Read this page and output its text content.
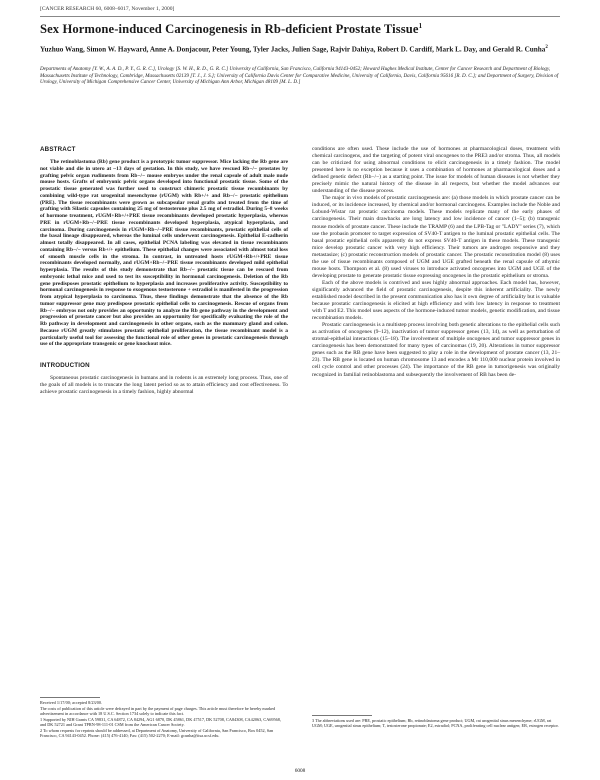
[CANCER RESEARCH 60, 6008–6017, November 1, 2000]
Sex Hormone-induced Carcinogenesis in Rb-deficient Prostate Tissue$^1$
Yuzhuo Wang, Simon W. Hayward, Anne A. Donjacour, Peter Young, Tyler Jacks, Julien Sage, Rajvir Dahiya, Robert D. Cardiff, Mark L. Day, and Gerald R. Cunha$^2$
Departments of Anatomy [Y. W., A. A. D., P. Y., G. R. C.], Urology [S. W. H., R. D., G. R. C.] University of California, San Francisco, California 94143-0452; Howard Hughes Medical Institute, Center for Cancer Research and Department of Biology, Massachusetts Institute of Technology, Cambridge, Massachusetts 02139 [T. J., J. S.]; University of California Davis Center for Comparative Medicine, University of California, Davis, California 95616 [R. D. C.]; and Department of Surgery, Division of Urology, University of Michigan Comprehensive Cancer Center, University of Michigan Ann Arbor, Michigan 48109 [M. L. D.]
ABSTRACT

The retinoblastoma (Rb) gene product is a prototypic tumor suppressor. Mice lacking the Rb gene are not viable and die in utero at ~13 days of gestation. In this study, we have rescued Rb−/− prostates by grafting pelvic organ rudiments from Rb−/− mouse embryos under the renal capsule of adult male nude mouse hosts. Grafts of embryonic pelvic organs developed into functional prostatic tissue. Some of the prostatic tissue generated was further used to construct chimeric prostatic tissue recombinants by combining wild-type rat urogenital mesenchyme (rUGM) with Rb+/+ and Rb−/− prostatic epithelium (PRE). The tissue recombinants were grown as subcapsular renal grafts and treated from the time of grafting with Silastic capsules containing 25 mg of testosterone plus 2.5 mg of estradiol. During 5–8 weeks of hormone treatment, rUGM+Rb+/+PRE tissue recombinants developed prostatic hyperplasia, whereas PRE in rUGM+Rb−/−PRE tissue recombinants developed hyperplasia, atypical hyperplasia, and carcinoma. During carcinogenesis in rUGM+Rb−/−PRE tissue recombinants, prostatic epithelial cells of the basal lineage disappeared, whereas the luminal cells underwent carcinogenesis. Epithelial E-cadherin almost totally disappeared. In all cases, epithelial PCNA labeling was elevated in tissue recombinants containing Rb−/− versus Rb+/+ epithelium. These epithelial changes were associated with almost total loss of smooth muscle cells in the stroma. In contrast, in untreated hosts rUGM+Rb+/+PRE tissue recombinants developed normally, and rUGM+Rb−/−PRE tissue recombinants developed mild epithelial hyperplasia. The results of this study demonstrate that Rb−/− prostatic tissue can be rescued from embryonic lethal mice and used to test its susceptibility in hormonal carcinogenesis. Deletion of the Rb gene predisposes prostatic epithelium to hyperplasia and increases proliferative activity. Susceptibility to hormonal carcinogenesis in response to exogenous testosterone + estradiol is manifested in the progression from atypical hyperplasia to carcinoma. Thus, these findings demonstrate that the absence of the Rb tumor suppressor gene may predispose prostatic epithelial cells to carcinogenesis. Rescue of organs from Rb−/− embryos not only provides an opportunity to analyze the Rb gene pathway in the development and progression of prostate cancer but also provides an opportunity for specifically evaluating the role of the Rb pathway in development and carcinogenesis in other organs, such as the mammary gland and colon. Because rUGM greatly stimulates prostatic epithelial proliferation, the tissue recombinant model is a particularly useful tool for assessing the functional role of other genes in prostatic carcinogenesis through use of the appropriate transgenic or gene knockout mice.

INTRODUCTION

Spontaneous prostatic carcinogenesis in humans and in rodents is an extremely long process. Thus, one of the goals of all models is to truncate the long latent period so as to attain efficiency and cost effectiveness. To achieve prostatic carcinogenesis in a timely fashion, highly abnormal

conditions are often used. These include the use of hormones at pharmacological doses, treatment with chemical carcinogens, and the targeting of potent viral oncogenes to the PRE3 and/or stroma. Thus, all models can be criticized for using abnormal conditions to elicit carcinogenesis in a timely fashion. The model presented here is no exception because it uses a combination of hormones at pharmacological doses and a defined genetic defect (Rb−/−) as a starting point. The issue for models of human diseases is not whether they precisely mimic the natural history of the disease in all respects, but whether the model advances our understanding of the disease process.

The major in vivo models of prostatic carcinogenesis are: (a) those models in which prostate cancer can be induced, or its incidence increased, by chemical and/or hormonal carcinogens. Examples include the Noble and Lobund-Wistar rat prostatic carcinoma models. These models replicate many of the early phases of carcinogenesis. Their main drawbacks are long latency and low incidence of cancer (1–5); (b) transgenic mouse models of prostate cancer. These include the TRAMP (6) and the LPB-Tag or "LADY" series (7), which use the probasin promoter to target expression of SV40-T antigen to the luminal prostatic epithelial cells. The basal prostatic epithelial cells apparently do not express SV40-T antigen in these models. These transgenic mice develop prostatic cancer with very high efficiency. Their tumors are androgen responsive and they metastasize; (c) prostatic reconstruction models of prostatic cancer. The prostatic reconstitution model (8) uses the use of tissue recombinants composed of UGM and UGE grafted beneath the renal capsule of athymic mouse hosts. Thompson et al. (8) used viruses to introduce activated oncogenes into UGM and UGE of the developing prostate to generate prostatic tissue expressing oncogenes in the prostatic epithelium or stroma.

Each of the above models is contrived and uses highly abnormal approaches. Each model has, however, significantly advanced the field of prostatic carcinogenesis, despite this inherent artificiality. The newly established model described in the present communication also has it own degree of artificiality but is valuable because prostatic carcinogenesis is elicited at high efficiency and with low latency in response to treatment with T and E2. This model uses aspects of the hormone-induced tumor models, genetic modification, and tissue recombination models.

Prostatic carcinogenesis is a multistep process involving both genetic alterations to the epithelial cells such as activation of oncogenes (9–12), inactivation of tumor suppressor genes (13, 14), as well as perturbation of stromal-epithelial interactions (15–18). The involvement of multiple oncogenes and tumor suppressor genes in carcinogenesis has been demonstrated for many types of carcinomas (19, 20). Alterations in tumor suppressor genes such as the RB gene have been suggested to play a role in the development of prostate cancer (13, 21–23). The RB gene is located on human chromosome 13 and encodes a Mr 110,000 nuclear protein involved in cell cycle control and other processes (24). The importance of the RB gene in tumorigenesis was originally recognized in familial retinoblastoma and subsequently the involvement of RB has been de-

Received 1/17/00; accepted 8/23/00.

The costs of publication of this article were defrayed in part by the payment of page charges. This article must therefore be hereby marked advertisement in accordance with 18 U.S.C. Section 1734 solely to indicate this fact.

1 Supported by NIH Grants CA 59831, CA 64872, CA 84294, AG1 6870, DK 45861, DK 47517, DK 52708, CA84308, CA42063, CA69568, and DK 52721 and Grant TPRN-98-111-01 CSM from the American Cancer Society.

2 To whom requests for reprints should be addressed, at Department of Anatomy, University of California, San Francisco, Box 0452, San Francisco, CA 94143-0452. Phone: (415) 476-4140; Fax: (415) 502-2270; E-mail: gcunha@itsa.ucsf.edu.

3 The abbreviations used are: PRE, prostatic epithelium; Rb, retinoblastoma gene product; UGM, rat urogenital sinus mesenchyme; rUGM, rat UGM; UGE, urogenital sinus epithelium; T, testosterone propionate; E2, estradiol; PCNA, proliferating cell nuclear antigen; ER, estrogen receptor.
6008
